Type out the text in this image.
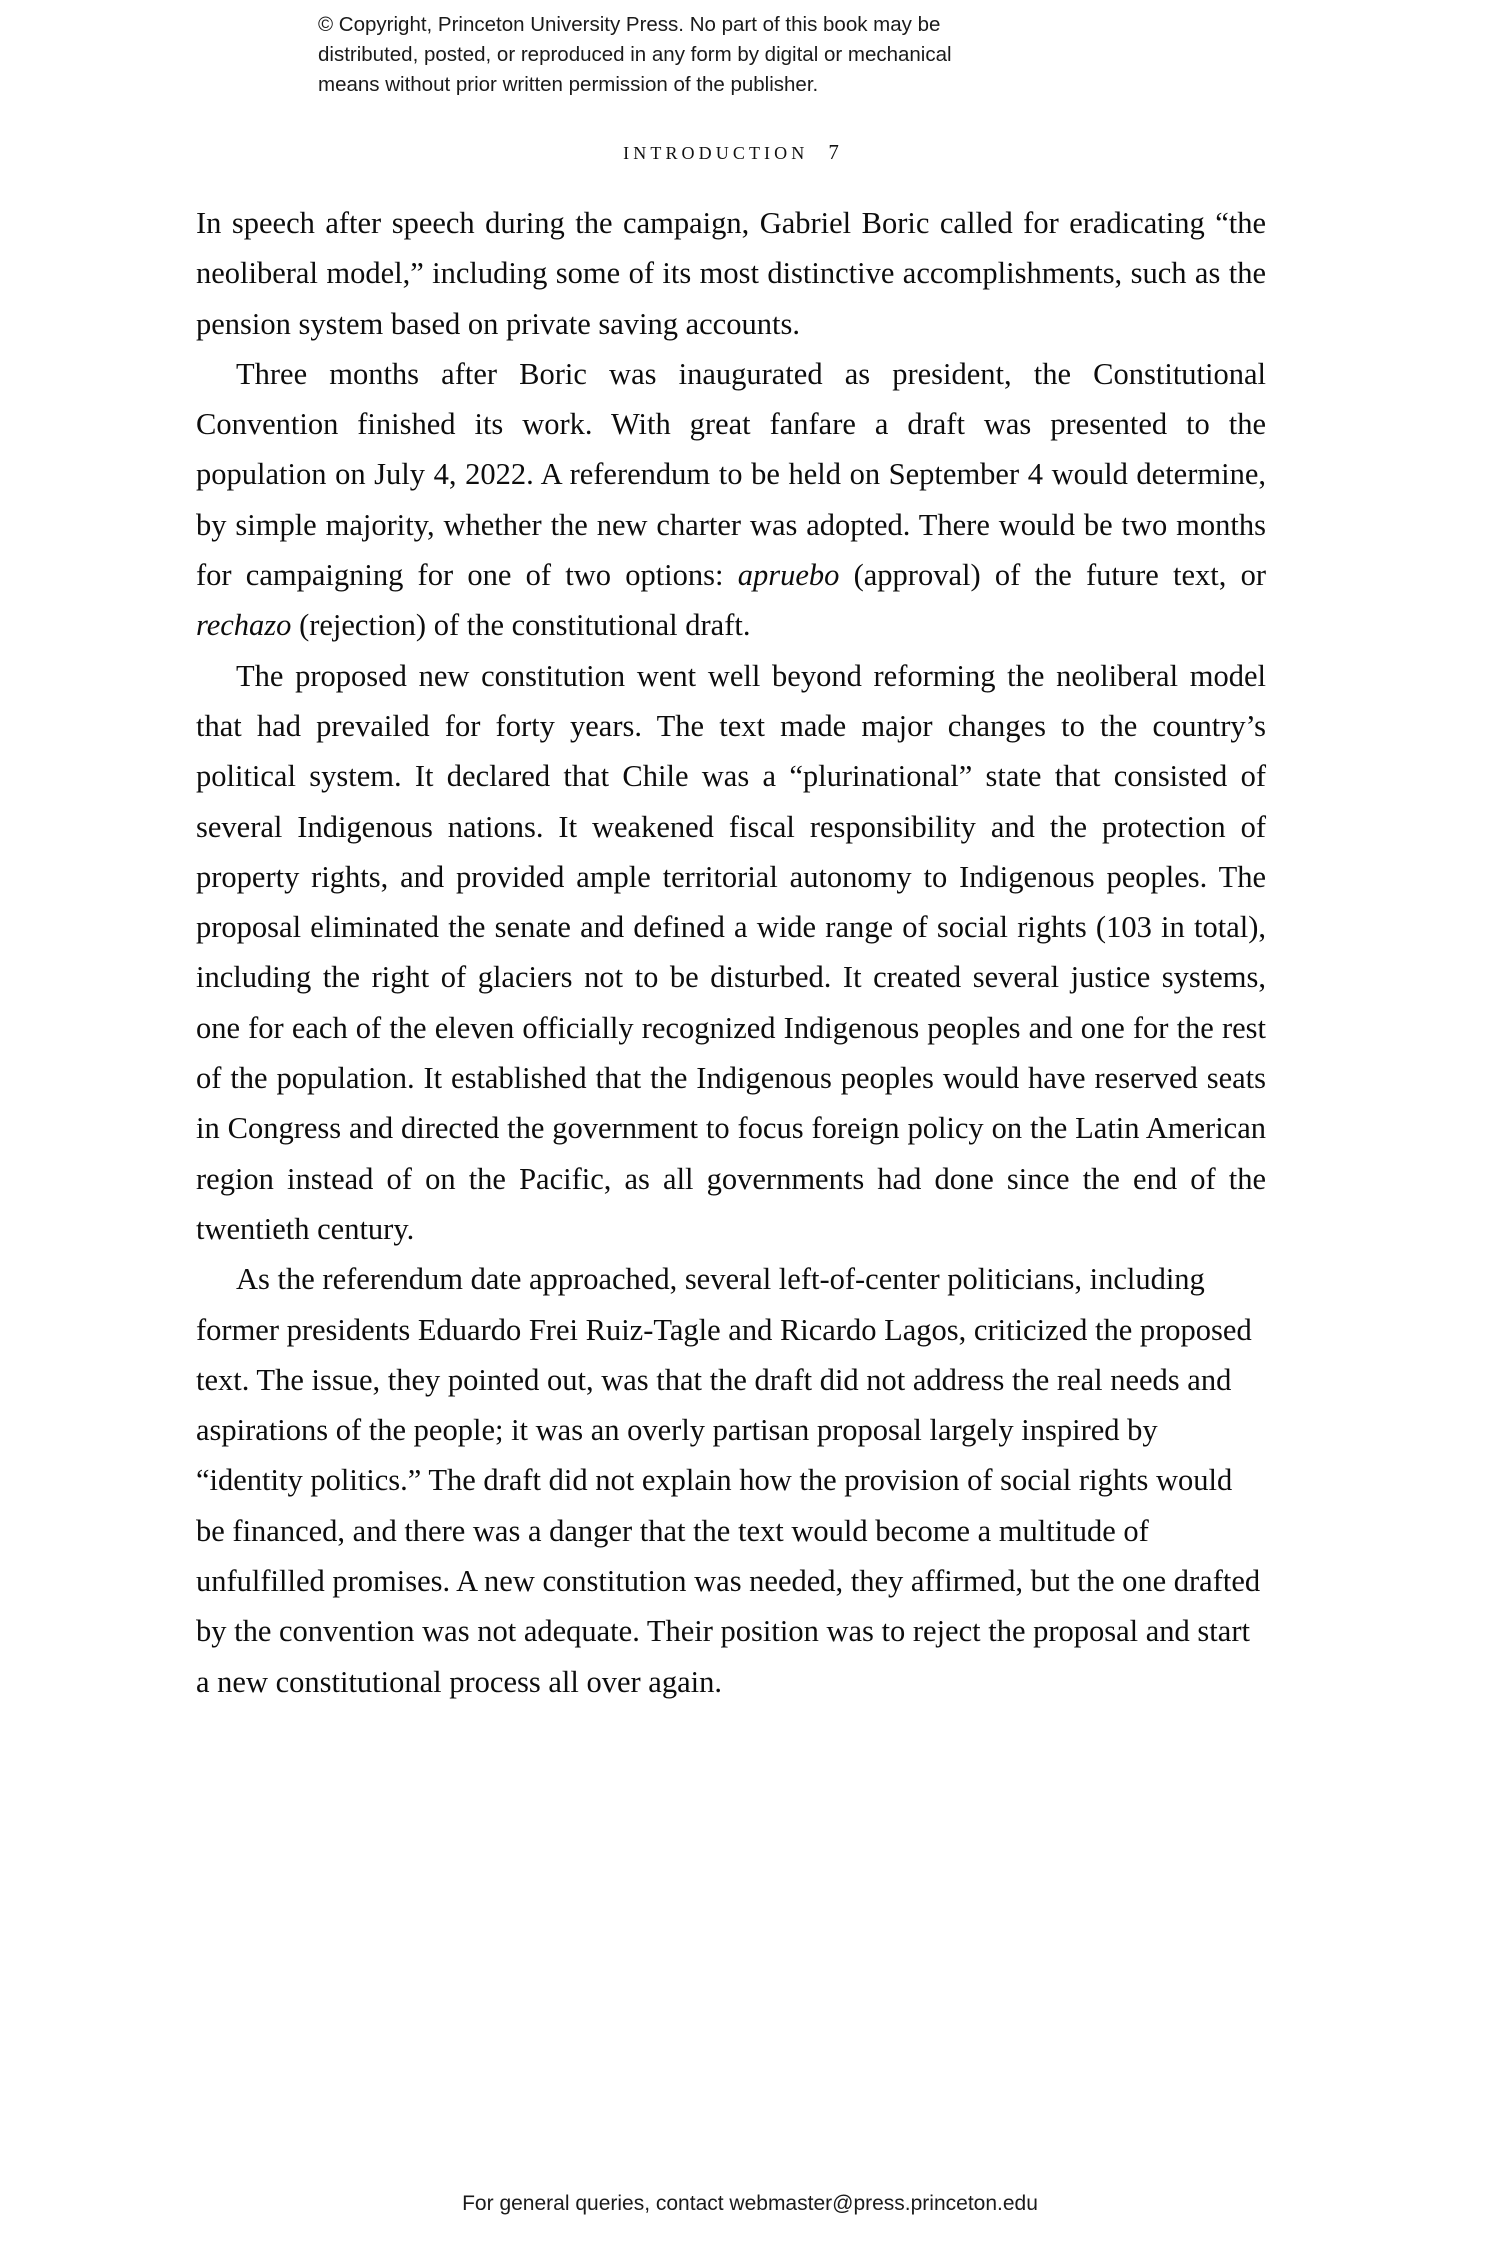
© Copyright, Princeton University Press. No part of this book may be
distributed, posted, or reproduced in any form by digital or mechanical
means without prior written permission of the publisher.
INTRODUCTION 7

In speech after speech during the campaign, Gabriel Boric called for eradicating “the neoliberal model,” including some of its most distinctive accomplishments, such as the pension system based on private saving accounts.

Three months after Boric was inaugurated as president, the Constitutional Convention finished its work. With great fanfare a draft was presented to the population on July 4, 2022. A referendum to be held on September 4 would determine, by simple majority, whether the new charter was adopted. There would be two months for campaigning for one of two options: apruebo (approval) of the future text, or rechazo (rejection) of the constitutional draft.

The proposed new constitution went well beyond reforming the neoliberal model that had prevailed for forty years. The text made major changes to the country’s political system. It declared that Chile was a “plurinational” state that consisted of several Indigenous nations. It weakened fiscal responsibility and the protection of property rights, and provided ample territorial autonomy to Indigenous peoples. The proposal eliminated the senate and defined a wide range of social rights (103 in total), including the right of glaciers not to be disturbed. It created several justice systems, one for each of the eleven officially recognized Indigenous peoples and one for the rest of the population. It established that the Indigenous peoples would have reserved seats in Congress and directed the government to focus foreign policy on the Latin American region instead of on the Pacific, as all governments had done since the end of the twentieth century.

As the referendum date approached, several left-of-center politicians, including former presidents Eduardo Frei Ruiz-Tagle and Ricardo Lagos, criticized the proposed text. The issue, they pointed out, was that the draft did not address the real needs and aspirations of the people; it was an overly partisan proposal largely inspired by “identity politics.” The draft did not explain how the provision of social rights would be financed, and there was a danger that the text would become a multitude of unfulfilled promises. A new constitution was needed, they affirmed, but the one drafted by the convention was not adequate. Their position was to reject the proposal and start a new constitutional process all over again.

For general queries, contact webmaster@press.princeton.edu
